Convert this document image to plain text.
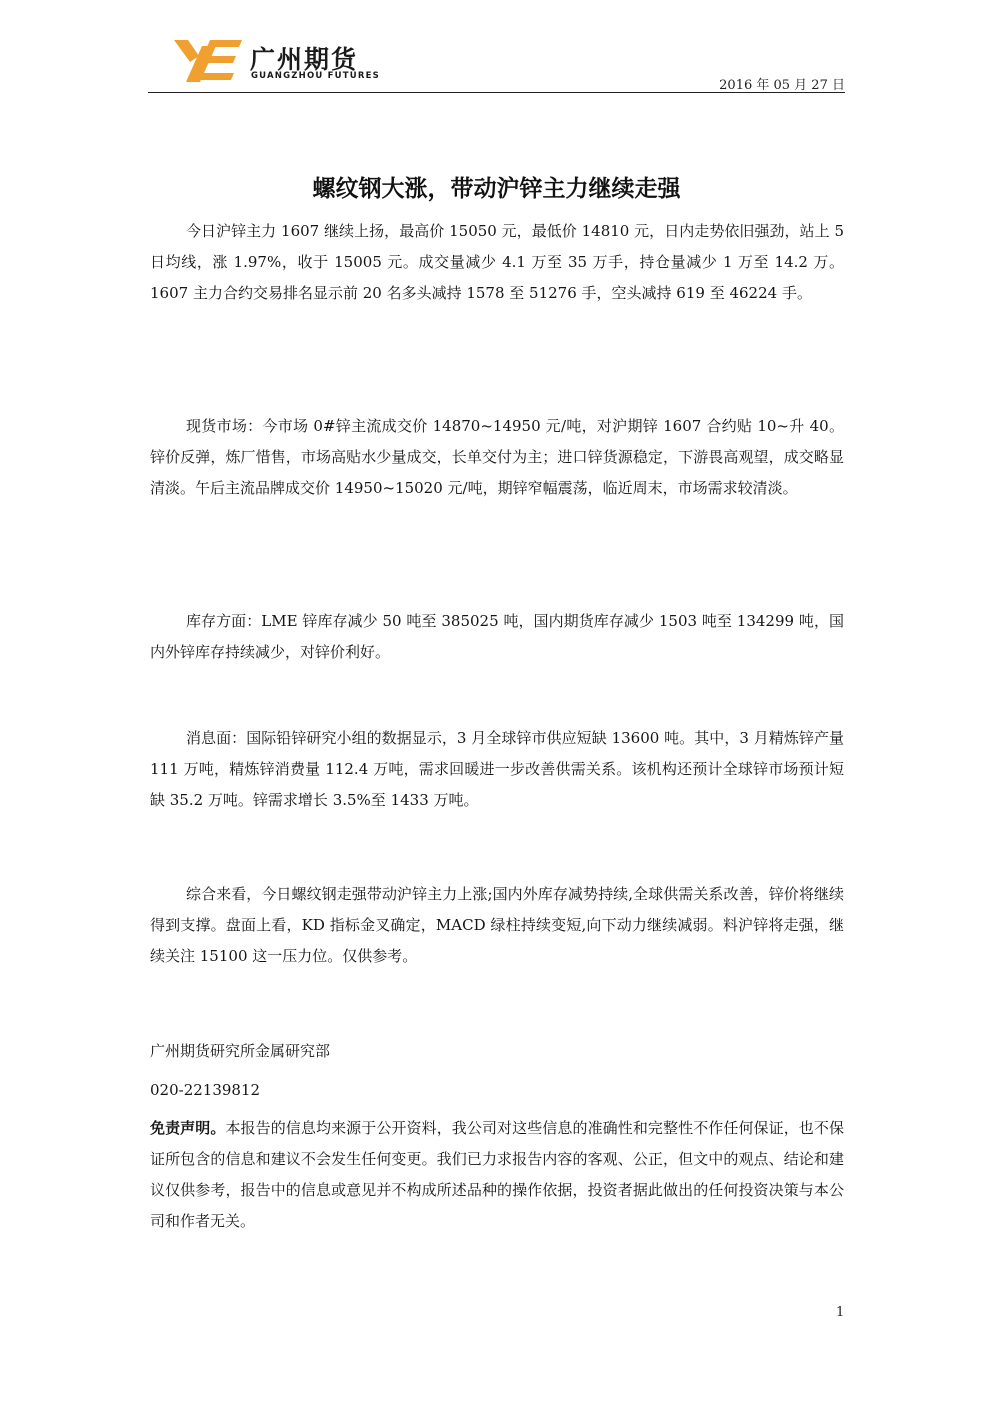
广州期货
GUANGZHOU FUTURES
2016 年 05 月 27 日
螺纹钢大涨，带动沪锌主力继续走强

今日沪锌主力 1607 继续上扬，最高价 15050 元，最低价 14810 元，日内走势依旧强劲，站上 5 日均线，涨 1.97%，收于 15005 元。成交量减少 4.1 万至 35 万手，持仓量减少 1 万至 14.2 万。1607 主力合约交易排名显示前 20 名多头减持 1578 至 51276 手，空头减持 619 至 46224 手。

现货市场：今市场 0#锌主流成交价 14870~14950 元/吨，对沪期锌 1607 合约贴 10~升 40。锌价反弹，炼厂惜售，市场高贴水少量成交，长单交付为主；进口锌货源稳定，下游畏高观望，成交略显清淡。午后主流品牌成交价 14950~15020 元/吨，期锌窄幅震荡，临近周末，市场需求较清淡。

库存方面：LME 锌库存减少 50 吨至 385025 吨，国内期货库存减少 1503 吨至 134299 吨，国内外锌库存持续减少，对锌价利好。

消息面：国际铅锌研究小组的数据显示，3 月全球锌市供应短缺 13600 吨。其中，3 月精炼锌产量 111 万吨，精炼锌消费量 112.4 万吨，需求回暖进一步改善供需关系。该机构还预计全球锌市场预计短缺 35.2 万吨。锌需求增长 3.5%至 1433 万吨。

综合来看，今日螺纹钢走强带动沪锌主力上涨;国内外库存减势持续,全球供需关系改善，锌价将继续得到支撑。盘面上看，KD 指标金叉确定，MACD 绿柱持续变短,向下动力继续减弱。料沪锌将走强，继续关注 15100 这一压力位。仅供参考。

广州期货研究所金属研究部

020-22139812

免责声明。本报告的信息均来源于公开资料，我公司对这些信息的准确性和完整性不作任何保证，也不保证所包含的信息和建议不会发生任何变更。我们已力求报告内容的客观、公正，但文中的观点、结论和建议仅供参考，报告中的信息或意见并不构成所述品种的操作依据，投资者据此做出的任何投资决策与本公司和作者无关。

1
